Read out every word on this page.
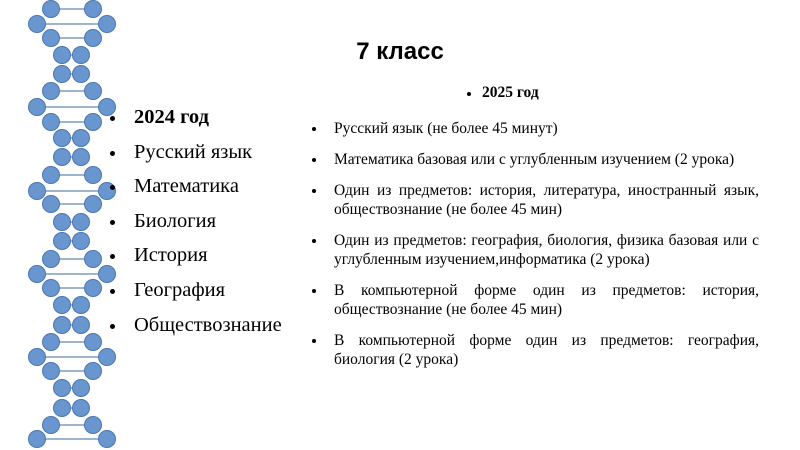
7 класс
2024 год
Русский язык
Математика
Биология
История
География
Обществознание
2025 год
Русский язык (не более 45 минут)
Математика базовая или с углубленным изучением (2 урока)
Один из предметов: история, литература, иностранный язык, обществознание (не более 45 мин)
Один из предметов: география, биология, физика базовая или с углубленным изучением,информатика (2 урока)
В компьютерной форме один из предметов: история, обществознание (не более 45 мин)
В компьютерной форме один из предметов: география, биология (2 урока)
